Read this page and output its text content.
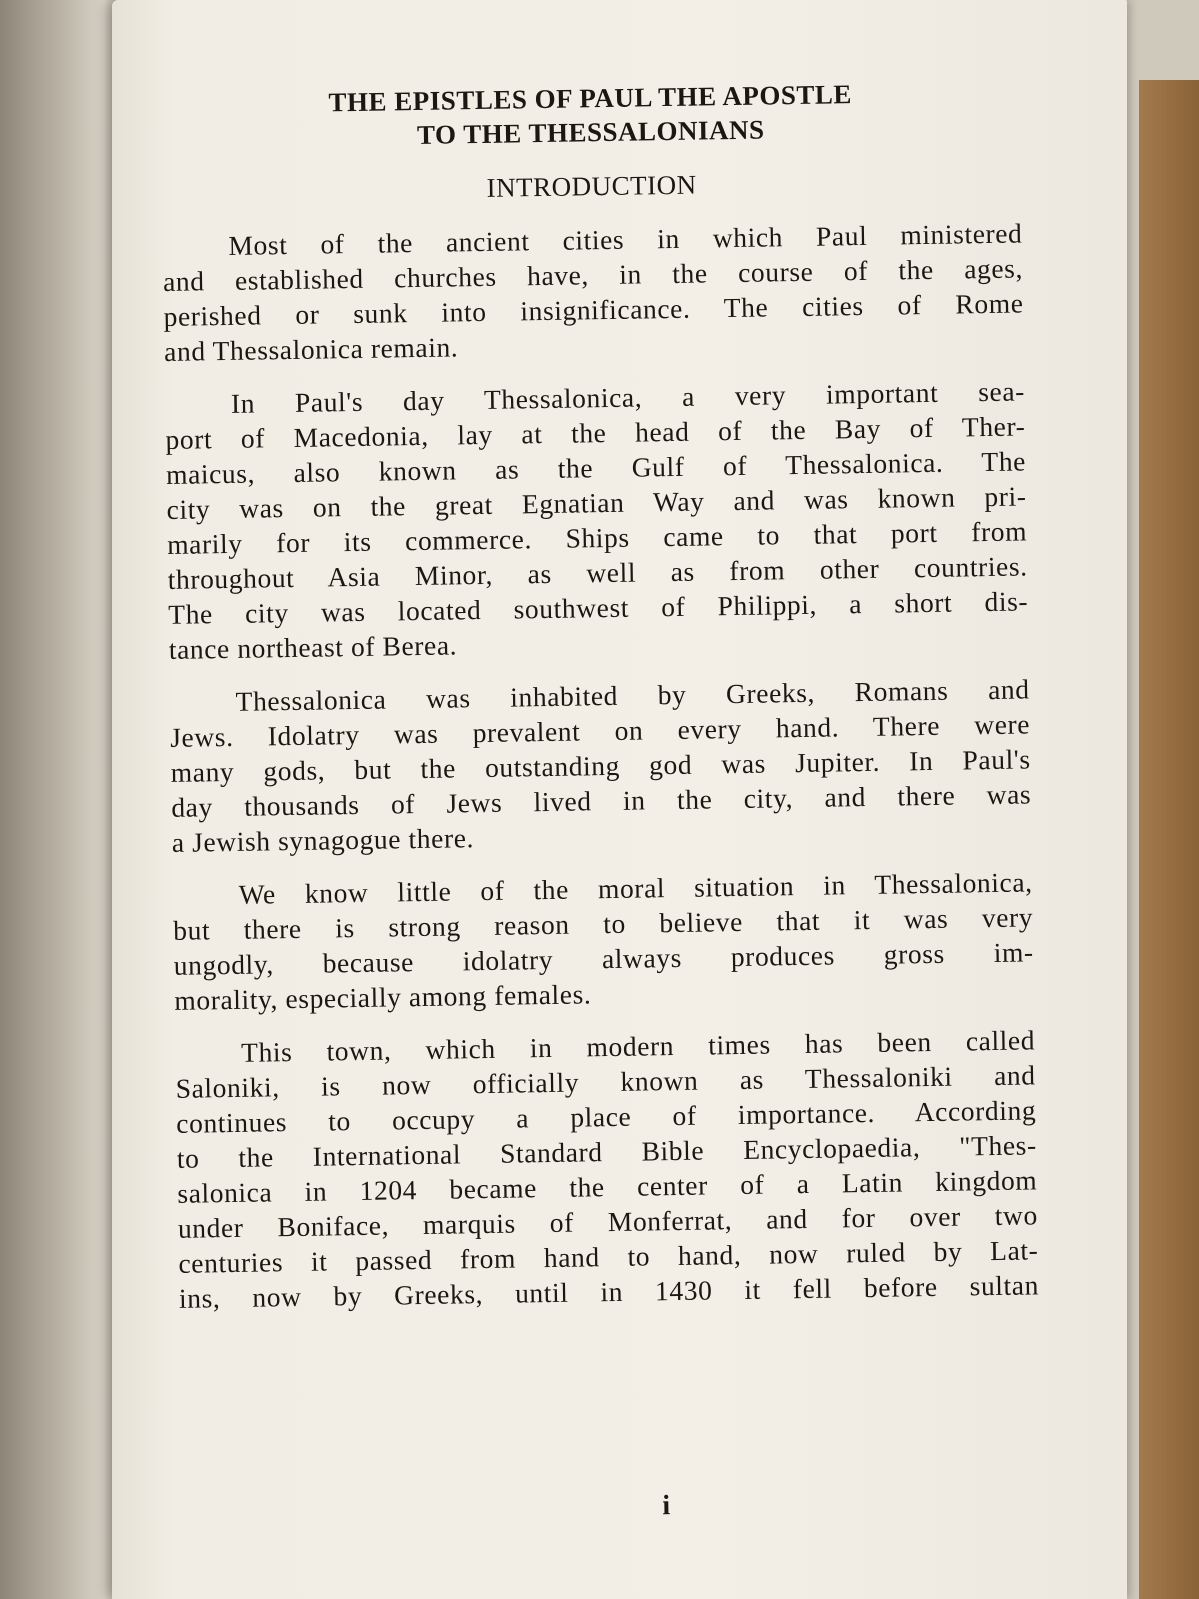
THE EPISTLES OF PAUL THE APOSTLE
TO THE THESSALONIANS
INTRODUCTION
Most of the ancient cities in which Paul ministered
and established churches have, in the course of the ages,
perished or sunk into insignificance. The cities of Rome
and Thessalonica remain.
In Paul's day Thessalonica, a very important sea-
port of Macedonia, lay at the head of the Bay of Ther-
maicus, also known as the Gulf of Thessalonica. The
city was on the great Egnatian Way and was known pri-
marily for its commerce. Ships came to that port from
throughout Asia Minor, as well as from other countries.
The city was located southwest of Philippi, a short dis-
tance northeast of Berea.
Thessalonica was inhabited by Greeks, Romans and
Jews. Idolatry was prevalent on every hand. There were
many gods, but the outstanding god was Jupiter. In Paul's
day thousands of Jews lived in the city, and there was
a Jewish synagogue there.
We know little of the moral situation in Thessalonica,
but there is strong reason to believe that it was very
ungodly, because idolatry always produces gross im-
morality, especially among females.
This town, which in modern times has been called
Saloniki, is now officially known as Thessaloniki and
continues to occupy a place of importance. According
to the International Standard Bible Encyclopaedia, "Thes-
salonica in 1204 became the center of a Latin kingdom
under Boniface, marquis of Monferrat, and for over two
centuries it passed from hand to hand, now ruled by Lat-
ins, now by Greeks, until in 1430 it fell before sultan
i
